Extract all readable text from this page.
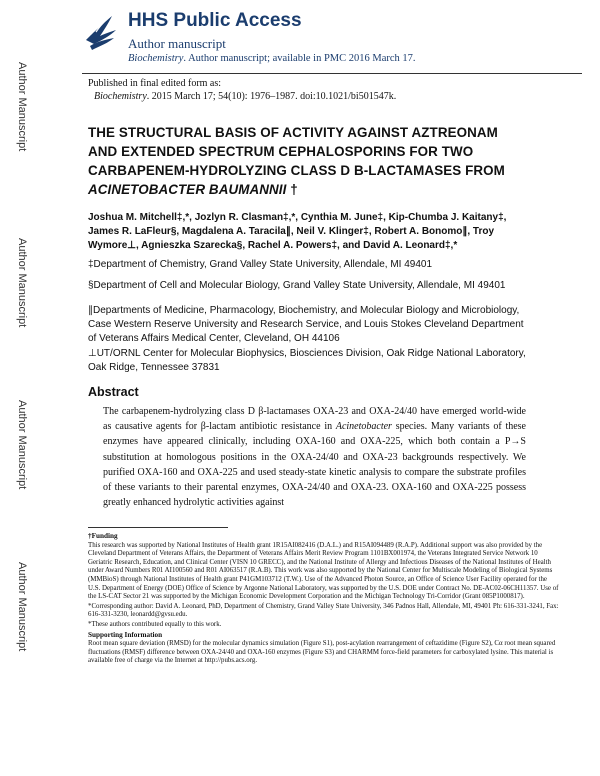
Author Manuscript
Author Manuscript
Author Manuscript
Author Manuscript
HHS Public Access
Author manuscript
Biochemistry. Author manuscript; available in PMC 2016 March 17.
Published in final edited form as:
Biochemistry. 2015 March 17; 54(10): 1976–1987. doi:10.1021/bi501547k.
THE STRUCTURAL BASIS OF ACTIVITY AGAINST AZTREONAM AND EXTENDED SPECTRUM CEPHALOSPORINS FOR TWO CARBAPENEM-HYDROLYZING CLASS D B-LACTAMASES FROM ACINETOBACTER BAUMANNII †
Joshua M. Mitchell‡,*, Jozlyn R. Clasman‡,*, Cynthia M. June‡, Kip-Chumba J. Kaitany‡, James R. LaFleur§, Magdalena A. Taracila∥, Neil V. Klinger‡, Robert A. Bonomo∥, Troy Wymore⊥, Agnieszka Szarecka§, Rachel A. Powers‡, and David A. Leonard‡,*
‡Department of Chemistry, Grand Valley State University, Allendale, MI 49401
§Department of Cell and Molecular Biology, Grand Valley State University, Allendale, MI 49401
∥Departments of Medicine, Pharmacology, Biochemistry, and Molecular Biology and Microbiology, Case Western Reserve University and Research Service, and Louis Stokes Cleveland Department of Veterans Affairs Medical Center, Cleveland, OH 44106
⊥UT/ORNL Center for Molecular Biophysics, Biosciences Division, Oak Ridge National Laboratory, Oak Ridge, Tennessee 37831
Abstract
The carbapenem-hydrolyzing class D β-lactamases OXA-23 and OXA-24/40 have emerged world-wide as causative agents for β-lactam antibiotic resistance in Acinetobacter species. Many variants of these enzymes have appeared clinically, including OXA-160 and OXA-225, which both contain a P→S substitution at homologous positions in the OXA-24/40 and OXA-23 backgrounds respectively. We purified OXA-160 and OXA-225 and used steady-state kinetic analysis to compare the substrate profiles of these variants to their parental enzymes, OXA-24/40 and OXA-23. OXA-160 and OXA-225 possess greatly enhanced hydrolytic activities against

†Funding

This research was supported by National Institutes of Health grant 1R15AI082416 (D.A.L.) and R15AI094489 (R.A.P). Additional support was also provided by the Cleveland Department of Veterans Affairs, the Department of Veterans Affairs Merit Review Program 1101BX001974, the Veterans Integrated Service Network 10 Geriatric Research, Education, and Clinical Center (VISN 10 GRECC), and the National Institute of Allergy and Infectious Diseases of the National Institutes of Health under Award Numbers R01 AI100560 and R01 AI063517 (R.A.B). This work was also supported by the National Center for Multiscale Modeling of Biological Systems (MMBioS) through National Institutes of Health grant P41GM103712 (T.W.). Use of the Advanced Photon Source, an Office of Science User Facility operated for the U.S. Department of Energy (DOE) Office of Science by Argonne National Laboratory, was supported by the U.S. DOE under Contract No. DE-AC02-06CH11357. Use of the LS-CAT Sector 21 was supported by the Michigan Economic Development Corporation and the Michigan Technology Tri-Corridor (Grant 085P1000817).

*Corresponding author: David A. Leonard, PhD, Department of Chemistry, Grand Valley State University, 346 Padnos Hall, Allendale, MI, 49401 Ph: 616-331-3241, Fax: 616-331-3230, leonardd@gvsu.edu.

*These authors contributed equally to this work.

Supporting Information

Root mean square deviation (RMSD) for the molecular dynamics simulation (Figure S1), post-acylation rearrangement of ceftazidime (Figure S2), Cα root mean squared fluctuations (RMSF) difference between OXA-24/40 and OXA-160 enzymes (Figure S3) and CHARMM force-field parameters for carboxylated lysine. This material is available free of charge via the Internet at http://pubs.acs.org.
